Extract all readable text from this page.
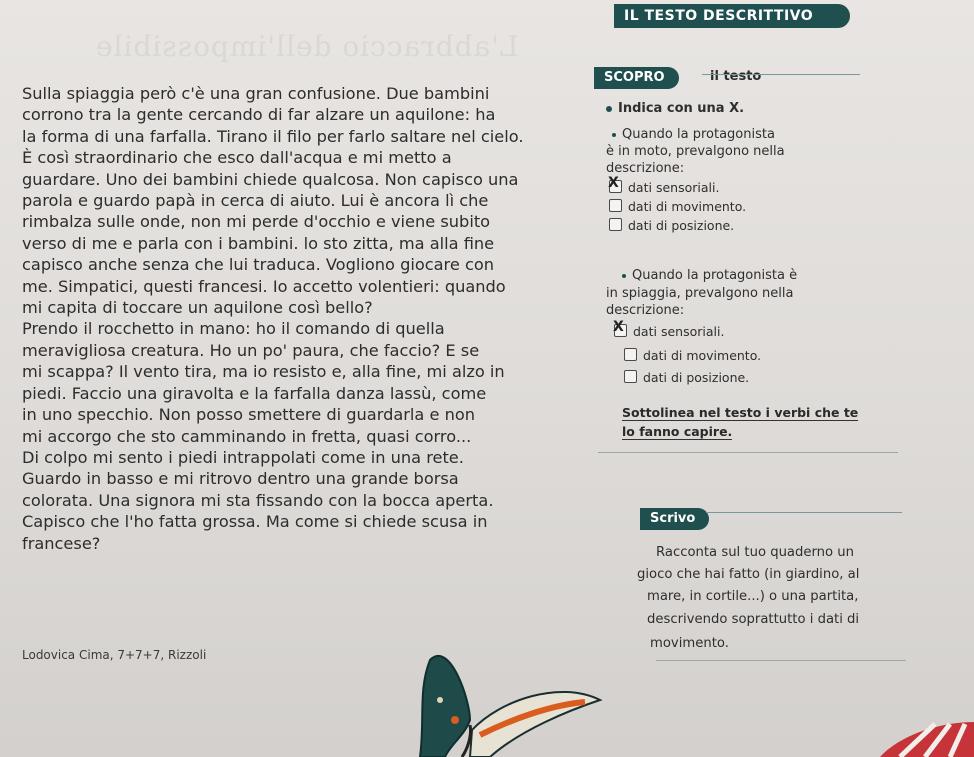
L'abbraccio dell'impossibile
IL TESTO DESCRITTIVO
Sulla spiaggia però c'è una gran confusione. Due bambini
corrono tra la gente cercando di far alzare un aquilone: ha
la forma di una farfalla. Tirano il filo per farlo saltare nel cielo.
È così straordinario che esco dall'acqua e mi metto a
guardare. Uno dei bambini chiede qualcosa. Non capisco una
parola e guardo papà in cerca di aiuto. Lui è ancora lì che
rimbalza sulle onde, non mi perde d'occhio e viene subito
verso di me e parla con i bambini. lo sto zitta, ma alla fine
capisco anche senza che lui traduca. Vogliono giocare con
me. Simpatici, questi francesi. Io accetto volentieri: quando
mi capita di toccare un aquilone così bello?
Prendo il rocchetto in mano: ho il comando di quella
meravigliosa creatura. Ho un po' paura, che faccio? E se
mi scappa? Il vento tira, ma io resisto e, alla fine, mi alzo in
piedi. Faccio una giravolta e la farfalla danza lassù, come
in uno specchio. Non posso smettere di guardarla e non
mi accorgo che sto camminando in fretta, quasi corro...
Di colpo mi sento i piedi intrappolati come in una rete.
Guardo in basso e mi ritrovo dentro una grande borsa
colorata. Una signora mi sta fissando con la bocca aperta.
Capisco che l'ho fatta grossa. Ma come si chiede scusa in
francese?
Lodovica Cima, 7+7+7, Rizzoli
SCOPRO	il testo
Indica con una X.
Quando la protagonista
è in moto, prevalgono nella
descrizione:
X dati sensoriali.
dati di movimento.
dati di posizione.
Quando la protagonista è
in spiaggia, prevalgono nella
descrizione:
X dati sensoriali.
dati di movimento.
dati di posizione.
Sottolinea nel testo i verbi che te
lo fanno capire.
Scrivo
Racconta sul tuo quaderno un
gioco che hai fatto (in giardino, al
mare, in cortile...) o una partita,
descrivendo soprattutto i dati di
movimento.
